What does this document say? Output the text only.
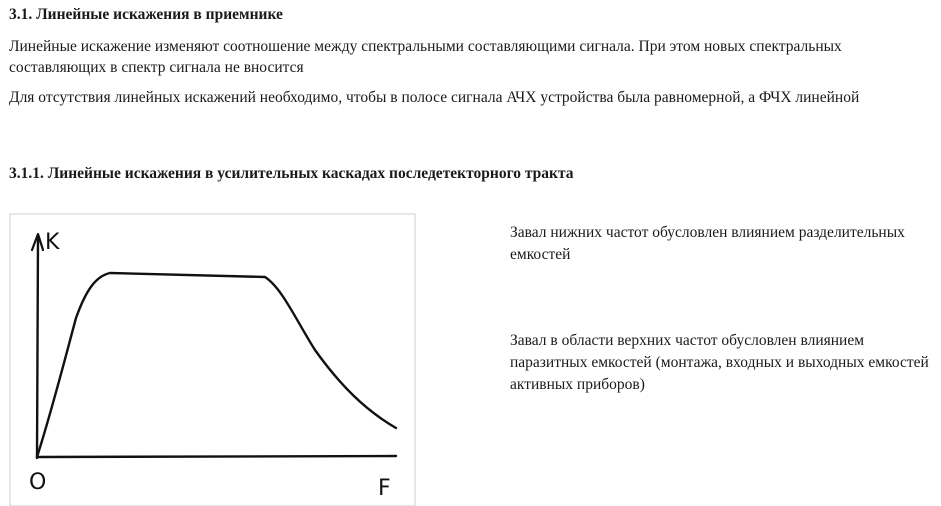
3.1. Линейные искажения в приемнике
Линейные искажение изменяют соотношение между спектральными составляющими сигнала. При этом новых спектральных составляющих в спектр сигнала не вносится
Для отсутствия линейных искажений необходимо, чтобы в полосе сигнала АЧХ устройства была равномерной, а ФЧХ линейной
3.1.1. Линейные искажения в усилительных каскадах последетекторного тракта
K
O	F
Завал нижних частот обусловлен влиянием разделительных емкостей
Завал в области верхних частот обусловлен влиянием паразитных емкостей (монтажа, входных и выходных емкостей активных приборов)
